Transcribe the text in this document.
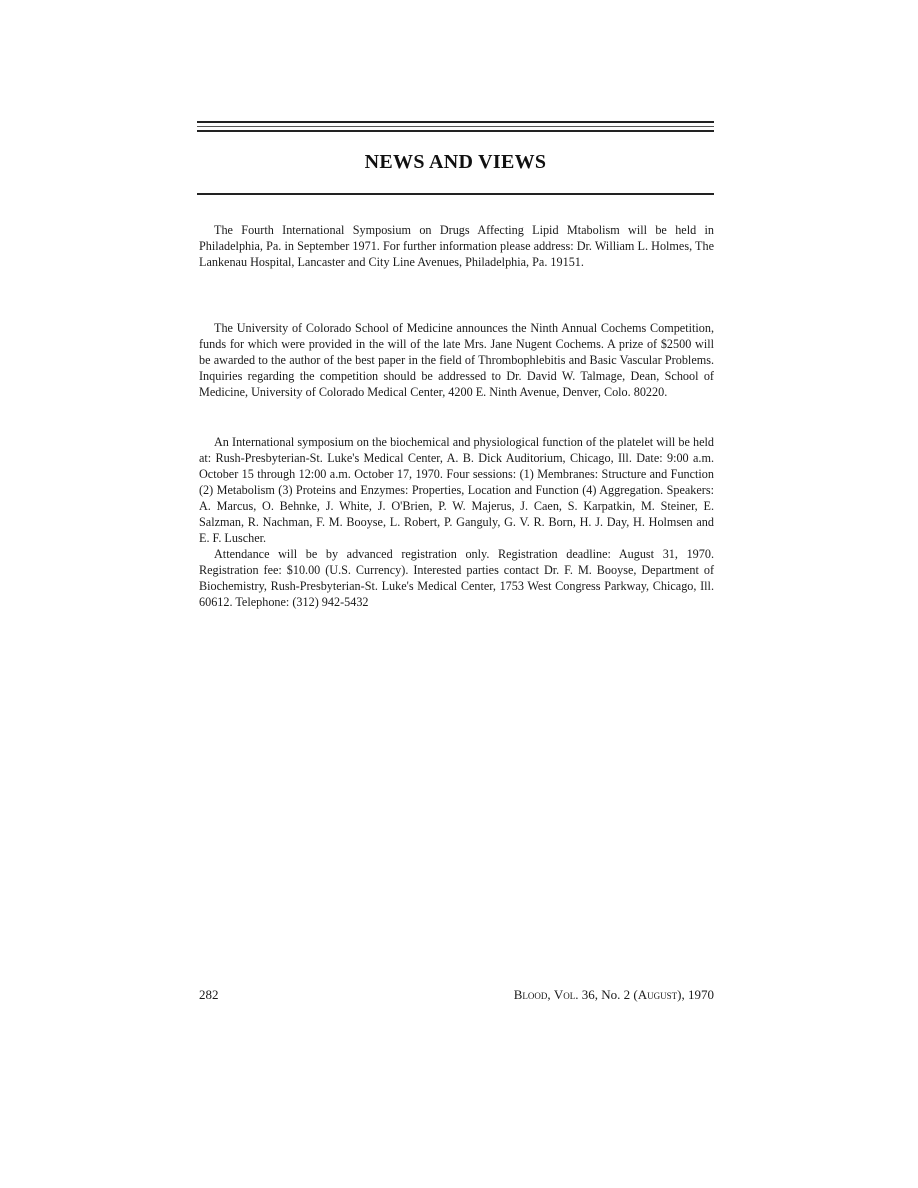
NEWS AND VIEWS

The Fourth International Symposium on Drugs Affecting Lipid Mtabolism will be held in Philadelphia, Pa. in September 1971. For further information please address: Dr. William L. Holmes, The Lankenau Hospital, Lancaster and City Line Avenues, Philadelphia, Pa. 19151.

The University of Colorado School of Medicine announces the Ninth Annual Cochems Competition, funds for which were provided in the will of the late Mrs. Jane Nugent Cochems. A prize of $2500 will be awarded to the author of the best paper in the field of Thrombophlebitis and Basic Vascular Problems. Inquiries regarding the competition should be addressed to Dr. David W. Talmage, Dean, School of Medicine, University of Colorado Medical Center, 4200 E. Ninth Avenue, Denver, Colo. 80220.

An International symposium on the biochemical and physiological function of the platelet will be held at: Rush-Presbyterian-St. Luke's Medical Center, A. B. Dick Auditorium, Chicago, Ill. Date: 9:00 a.m. October 15 through 12:00 a.m. October 17, 1970. Four sessions: (1) Membranes: Structure and Function (2) Metabolism (3) Proteins and Enzymes: Properties, Location and Function (4) Aggregation. Speakers: A. Marcus, O. Behnke, J. White, J. O'Brien, P. W. Majerus, J. Caen, S. Karpatkin, M. Steiner, E. Salzman, R. Nachman, F. M. Booyse, L. Robert, P. Ganguly, G. V. R. Born, H. J. Day, H. Holmsen and E. F. Luscher.

Attendance will be by advanced registration only. Registration deadline: August 31, 1970. Registration fee: $10.00 (U.S. Currency). Interested parties contact Dr. F. M. Booyse, Department of Biochemistry, Rush-Presbyterian-St. Luke's Medical Center, 1753 West Congress Parkway, Chicago, Ill. 60612. Telephone: (312) 942-5432

282	Blood, Vol. 36, No. 2 (August), 1970
